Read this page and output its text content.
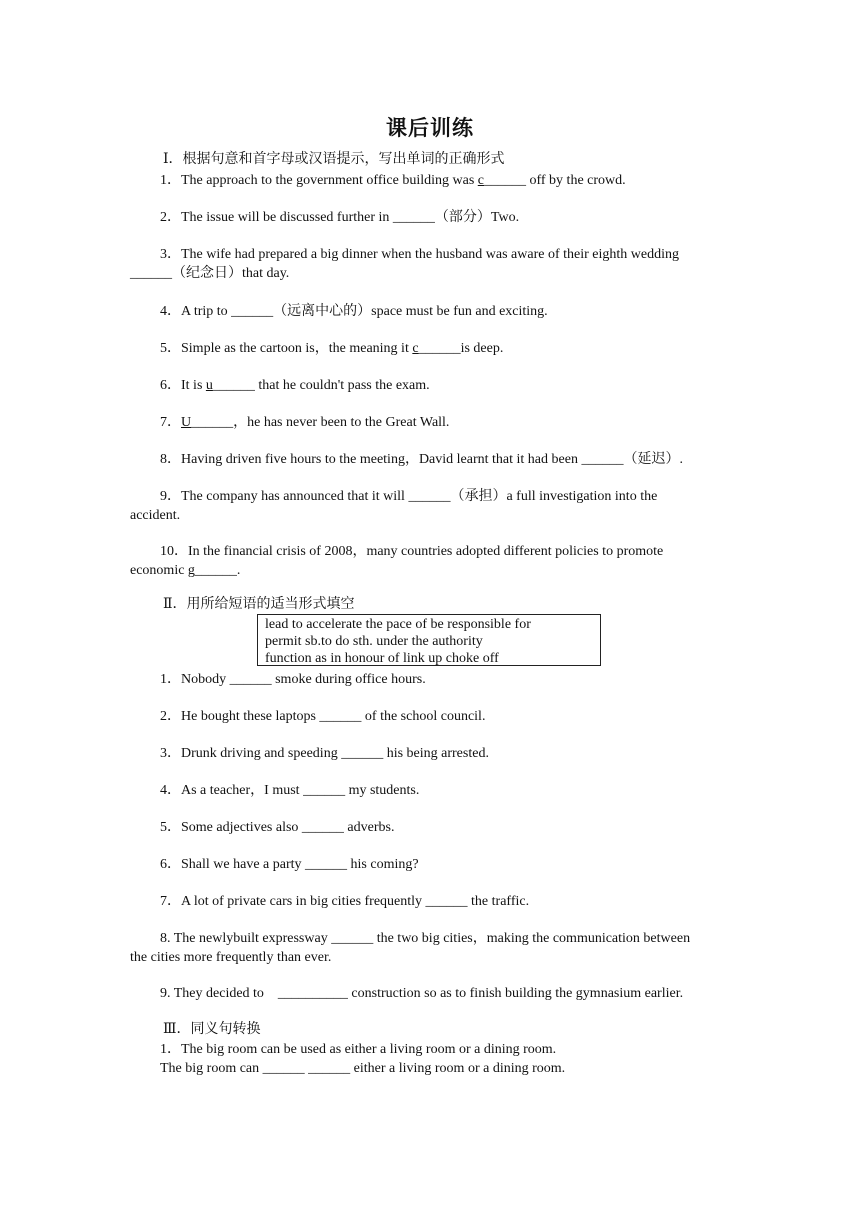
课后训练
Ⅰ．根据句意和首字母或汉语提示，写出单词的正确形式
1．The approach to the government office building was c______ off by the crowd.
2．The issue will be discussed further in ______（部分）Two.
3．The wife had prepared a big dinner when the husband was aware of their eighth wedding
______（纪念日）that day.
4．A trip to ______（远离中心的）space must be fun and exciting.
5．Simple as the cartoon is，the meaning it c______is deep.
6．It is u______ that he couldn't pass the exam.
7．U______，he has never been to the Great Wall.
8．Having driven five hours to the meeting，David learnt that it had been ______（延迟）.
9．The company has announced that it will ______（承担）a full investigation into the
accident.
10．In the financial crisis of 2008，many countries adopted different policies to promote
economic g______.
Ⅱ．用所给短语的适当形式填空
lead to accelerate the pace of be responsible for
permit sb.to do sth. under the authority
function as in honour of link up choke off
1．Nobody ______ smoke during office hours.
2．He bought these laptops ______ of the school council.
3．Drunk driving and speeding ______ his being arrested.
4．As a teacher，I must ______ my students.
5．Some adjectives also ______ adverbs.
6．Shall we have a party ______ his coming?
7．A lot of private cars in big cities frequently ______ the traffic.
8. The newlybuilt expressway ______ the two big cities，making the communication between
the cities more frequently than ever.
9. They decided to    __________ construction so as to finish building the gymnasium earlier.
Ⅲ．同义句转换
1．The big room can be used as either a living room or a dining room.
The big room can ______ ______ either a living room or a dining room.
